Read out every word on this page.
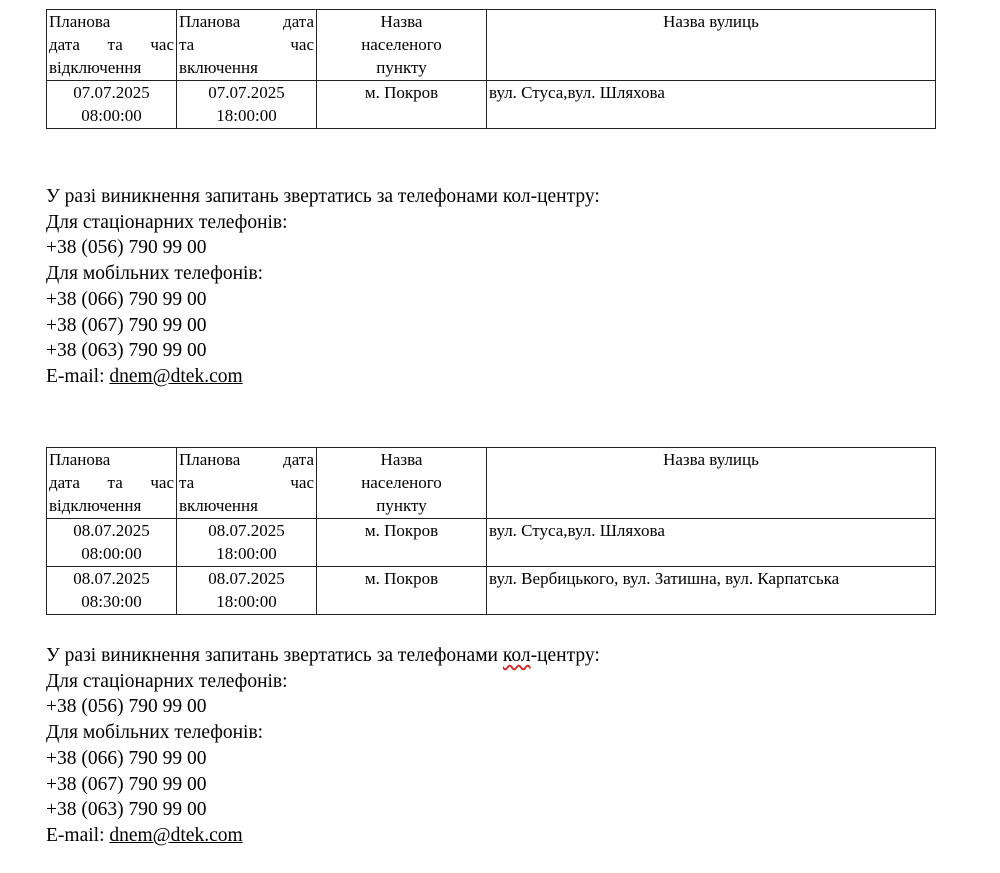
Планова
дата та час
відключення	Планова дата
та час
включення	Назва
населеного
пункту	Назва вулиць

07.07.2025
08:00:00	07.07.2025
18:00:00	м. Покров	вул. Стуса,вул. Шляхова
У разі виникнення запитань звертатись за телефонами кол-центру:
Для стаціонарних телефонів:
+38 (056) 790 99 00
Для мобільних телефонів:
+38 (066) 790 99 00
+38 (067) 790 99 00
+38 (063) 790 99 00
E-mail: dnem@dtek.com
Планова
дата та час
відключення	Планова дата
та час
включення	Назва
населеного
пункту	Назва вулиць

08.07.2025
08:00:00	08.07.2025
18:00:00	м. Покров	вул. Стуса,вул. Шляхова

08.07.2025
08:30:00	08.07.2025
18:00:00	м. Покров	вул. Вербицького, вул. Затишна, вул. Карпатська
У разі виникнення запитань звертатись за телефонами кол-центру:
Для стаціонарних телефонів:
+38 (056) 790 99 00
Для мобільних телефонів:
+38 (066) 790 99 00
+38 (067) 790 99 00
+38 (063) 790 99 00
E-mail: dnem@dtek.com
